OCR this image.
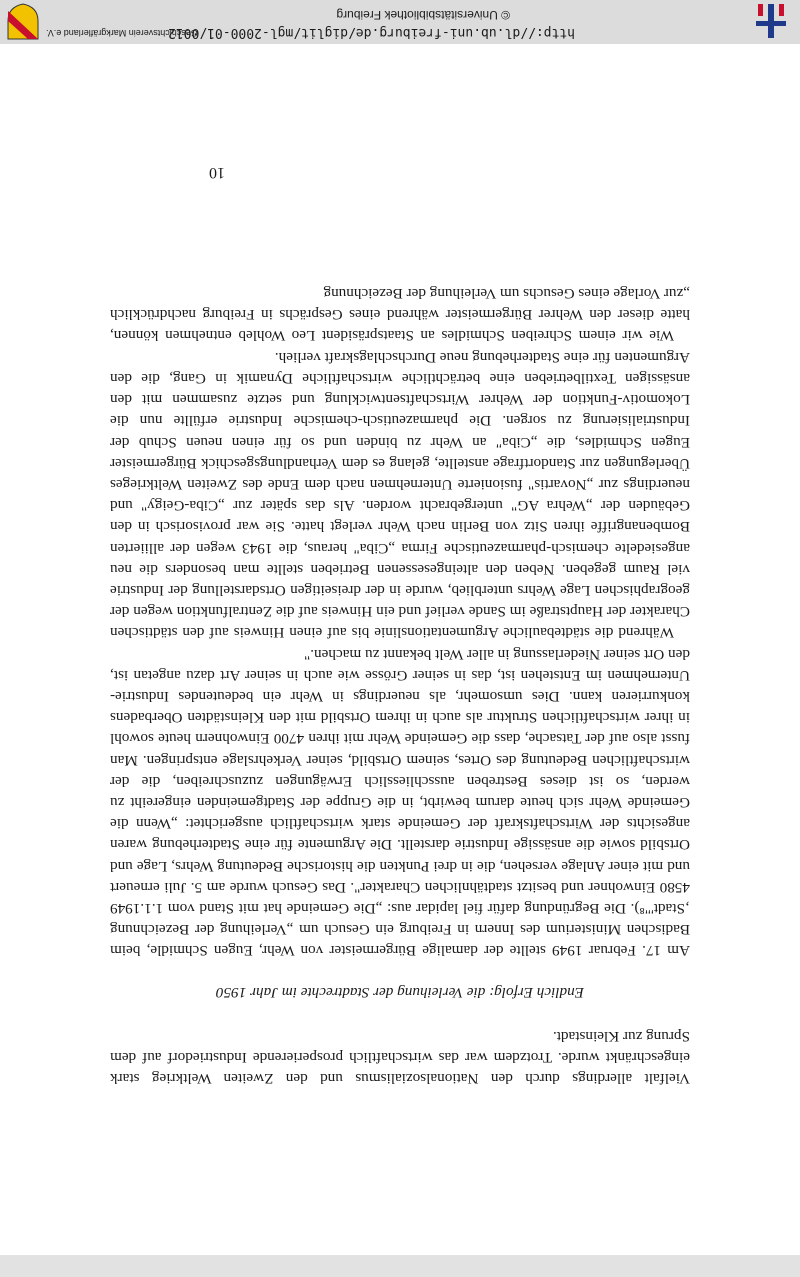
Vielfalt allerdings durch den Nationalsozialismus und den Zweiten Weltkrieg stark eingeschränkt wurde. Trotzdem war das wirtschaftlich prosperierende Industriedorf auf dem Sprung zur Kleinstadt.

Endlich Erfolg: die Verleihung der Stadtrechte im Jahr 1950

Am 17. Februar 1949 stellte der damalige Bürgermeister von Wehr, Eugen Schmidle, beim Badischen Ministerium des Innern in Freiburg ein Gesuch um „Verleihung der Bezeichnung ‚Stadt'"⁸). Die Begründung dafür fiel lapidar aus: „Die Gemeinde hat mit Stand vom 1.1.1949 4580 Einwohner und besitzt stadtähnlichen Charakter". Das Gesuch wurde am 5. Juli erneuert und mit einer Anlage versehen, die in drei Punkten die historische Bedeutung Wehrs, Lage und Ortsbild sowie die ansässige Industrie darstellt. Die Argumente für eine Stadterhebung waren angesichts der Wirtschaftskraft der Gemeinde stark wirtschaftlich ausgerichtet: „Wenn die Gemeinde Wehr sich heute darum bewirbt, in die Gruppe der Stadtgemeinden eingereiht zu werden, so ist dieses Bestreben ausschliesslich Erwägungen zuzuschreiben, die der wirtschaftlichen Bedeutung des Ortes, seinem Ortsbild, seiner Verkehrslage entspringen. Man fusst also auf der Tatsache, dass die Gemeinde Wehr mit ihren 4700 Einwohnern heute sowohl in ihrer wirtschaftlichen Struktur als auch in ihrem Ortsbild mit den Kleinstädten Oberbadens konkurrieren kann. Dies umsomehr, als neuerdings in Wehr ein bedeutendes Industrie-Unternehmen im Entstehen ist, das in seiner Grösse wie auch in seiner Art dazu angetan ist, den Ort seiner Niederlassung in aller Welt bekannt zu machen."

Während die städtebauliche Argumentationslinie bis auf einen Hinweis auf den städtischen Charakter der Hauptstraße im Sande verlief und ein Hinweis auf die Zentralfunktion wegen der geographischen Lage Wehrs unterblieb, wurde in der dreiseitigen Ortsdarstellung der Industrie viel Raum gegeben. Neben den alteingesessenen Betrieben stellte man besonders die neu angesiedelte chemisch-pharmazeutische Firma „Ciba" heraus, die 1943 wegen der alliierten Bombenangriffe ihren Sitz von Berlin nach Wehr verlegt hatte. Sie war provisorisch in den Gebäuden der „Wehra AG" untergebracht worden. Als das später zur „Ciba-Geigy" und neuerdings zur „Novartis" fusionierte Unternehmen nach dem Ende des Zweiten Weltkrieges Überlegungen zur Standortfrage anstellte, gelang es dem Verhandlungsgeschick Bürgermeister Eugen Schmidles, die „Ciba" an Wehr zu binden und so für einen neuen Schub der Industrialisierung zu sorgen. Die pharmazeutisch-chemische Industrie erfüllte nun die Lokomotiv-Funktion der Wehrer Wirtschaftsentwicklung und setzte zusammen mit den ansässigen Textilbetrieben eine beträchtliche wirtschaftliche Dynamik in Gang, die den Argumenten für eine Stadterhebung neue Durchschlagskraft verlieh.

Wie wir einem Schreiben Schmidles an Staatspräsident Leo Wohleb entnehmen können, hatte dieser den Wehrer Bürgermeister während eines Gesprächs in Freiburg nachdrücklich „zur Vorlage eines Gesuchs um Verleihung der Bezeichnung

10
http://dl.ub.uni-freiburg.de/diglit/mgl-2000-01/0012
© Universitätsbibliothek Freiburg
Geschichtsverein Markgräflerland e.V.
